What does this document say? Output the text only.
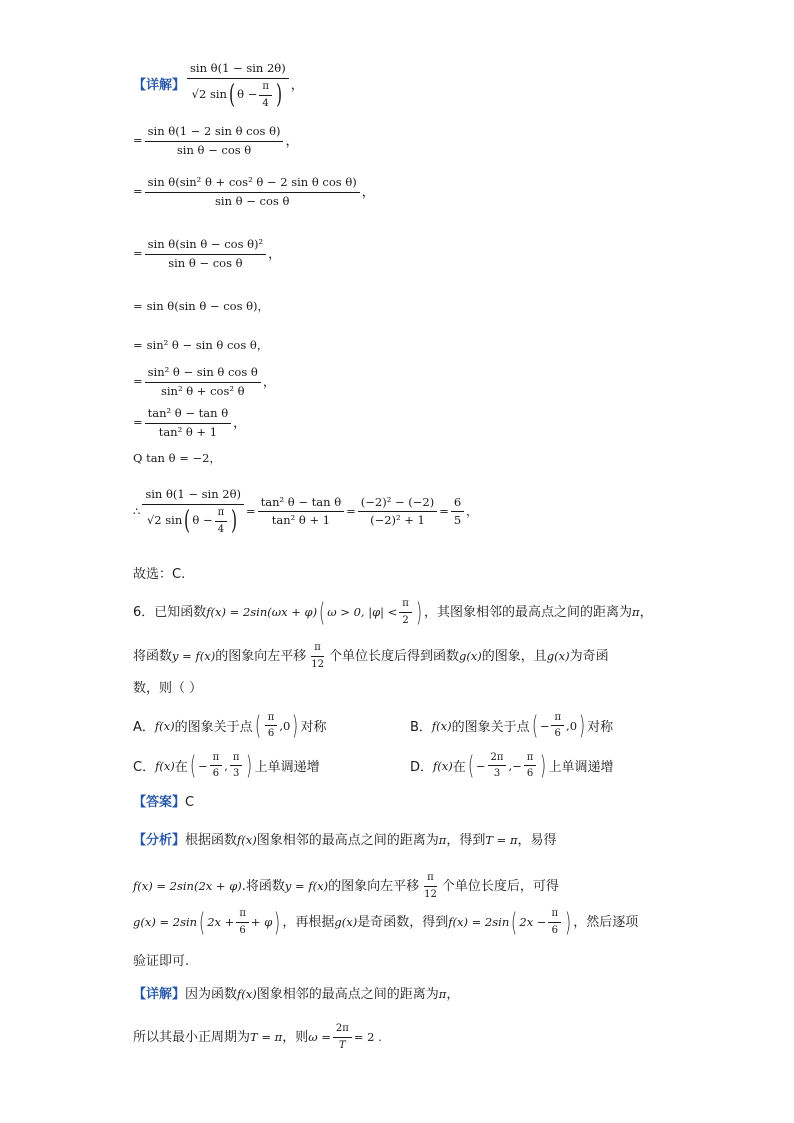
【详解】 $\frac{\text{sin θ(1 − sin 2θ)}}{√2 \sin ( \theta - \frac{\pi}{4} )}$ ，
= $\frac{\text{sin θ(1 − 2 sin θ cos θ)}}{\text{sin θ − cos θ}}$ ，
= $\frac{\text{sin θ(sin² θ + cos² θ − 2 sin θ cos θ)}}{\text{sin θ − cos θ}}$ ，
= $\frac{\text{sin θ(sin θ − cos θ)²}}{\text{sin θ − cos θ}}$ ，
= sin θ(sin θ − cos θ) ，
= sin² θ − sin θ cos θ ，
= $\frac{\text{sin² θ − sin θ cos θ}}{\text{sin² θ + cos² θ}}$ ，
= $\frac{\text{tan² θ − tan θ}}{\text{tan² θ + 1}}$ ，
Q tan θ = −2 ，
∴ $\frac{\text{sin θ(1 − sin 2θ)}}{√2 \sin ( \theta - \frac{\pi}{4} )} = \frac{\text{tan² θ − tan θ}}{\text{tan² θ + 1}} = \frac{\text{(−2)² − (−2)}}{\text{(−2)² + 1}} = \frac{6}{5}$ ，
故选：C.
6．已知函数 f(x) = 2sin(ωx + φ) ( ω > 0, $|\varphi| < \frac{\pi}{2}$ ) ，其图象相邻的最高点之间的距离为 π ，
将函数 y = f(x) 的图象向左平移 $\frac{\pi}{12}$ 个单位长度后得到函数 g(x) 的图象，且 g(x) 为奇函
数，则（ ）
A． f(x) 的图象关于点 ( $\frac{\pi}{6}$ , 0 ) 对称	B． f(x) 的图象关于点 ( − $\frac{\pi}{6}$ , 0 ) 对称
C． f(x) 在 ( − $\frac{\pi}{6}$ , $\frac{\pi}{3}$ ) 上单调递增	D． f(x) 在 ( − $\frac{2\pi}{3}$ , − $\frac{\pi}{6}$ ) 上单调递增
【答案】 C
【分析】 根据函数 f(x) 图象相邻的最高点之间的距离为 π ，得到 T = π ，易得
f(x) = 2sin(2x + φ) .将函数 y = f(x) 的图象向左平移 $\frac{\pi}{12}$ 个单位长度后，可得
g(x) = 2sin ( $2x + \frac{\pi}{6} + \varphi$ ) ，再根据 g(x) 是奇函数，得到 f(x) = 2sin ( $2x - \frac{\pi}{6}$ ) ，然后逐项
验证即可.
【详解】 因为函数 f(x) 图象相邻的最高点之间的距离为 π ，
所以其最小正周期为 T = π ，则 $\omega = \frac{2\pi}{T} = 2$ .
